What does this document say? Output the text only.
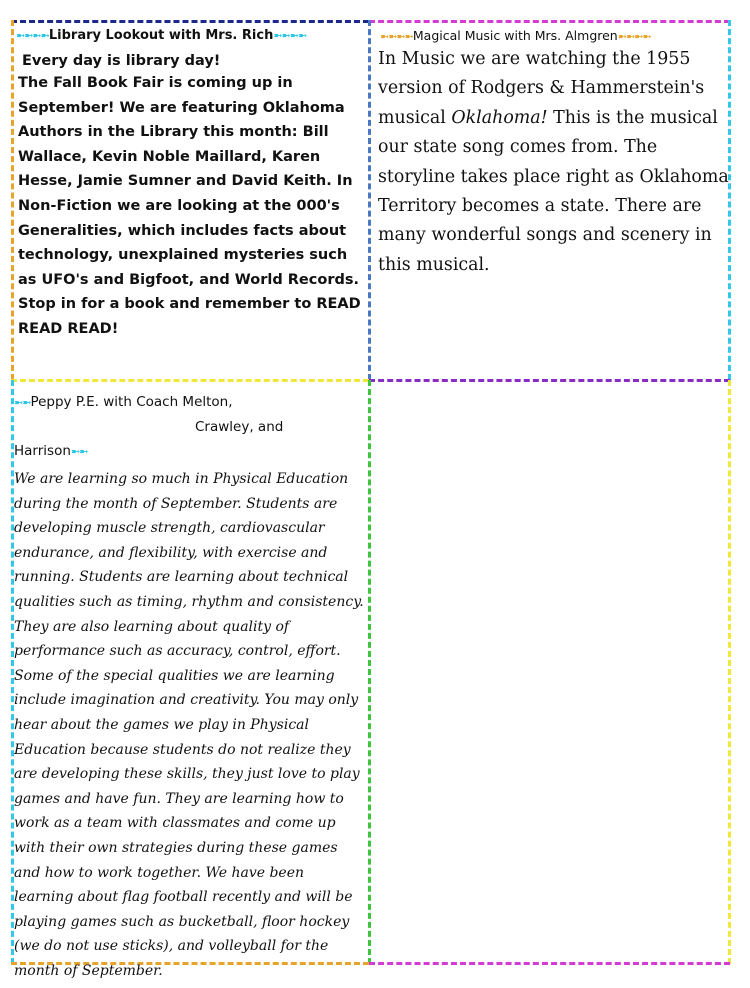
➼➼➼➼Library Lookout with Mrs. Rich➼➼➼➼
Every day is library day!
The Fall Book Fair is coming up in September! We are featuring Oklahoma Authors in the Library this month: Bill Wallace, Kevin Noble Maillard, Karen Hesse, Jamie Sumner and David Keith. In Non-Fiction we are looking at the 000's Generalities, which includes facts about technology, unexplained mysteries such as UFO's and Bigfoot, and World Records. Stop in for a book and remember to READ READ READ!
➼➼➼➼Magical Music with Mrs. Almgren➼➼➼➼
In Music we are watching the 1955 version of Rodgers & Hammerstein's musical Oklahoma! This is the musical our state song comes from. The storyline takes place right as Oklahoma Territory becomes a state. There are many wonderful songs and scenery in this musical.
➼➼Peppy P.E. with Coach Melton,
Crawley, and
Harrison➼➼
We are learning so much in Physical Education during the month of September. Students are developing muscle strength, cardiovascular endurance, and flexibility, with exercise and running. Students are learning about technical qualities such as timing, rhythm and consistency. They are also learning about quality of performance such as accuracy, control, effort. Some of the special qualities we are learning include imagination and creativity. You may only hear about the games we play in Physical Education because students do not realize they are developing these skills, they just love to play games and have fun. They are learning how to work as a team with classmates and come up with their own strategies during these games and how to work together. We have been learning about flag football recently and will be playing games such as bucketball, floor hockey (we do not use sticks), and volleyball for the month of September.
